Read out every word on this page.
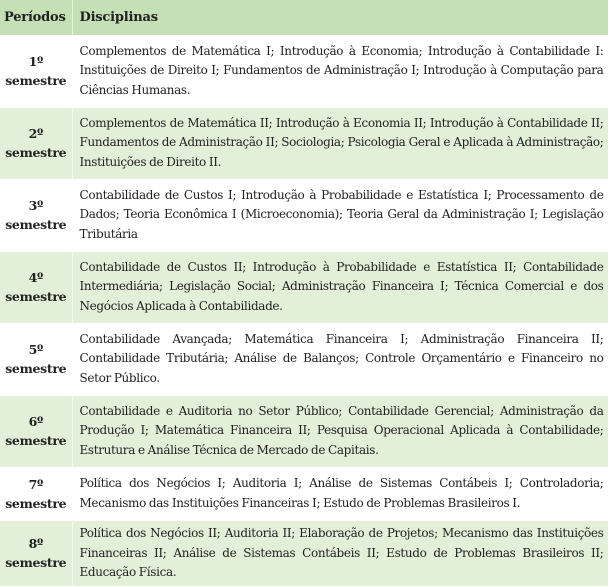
Períodos	Disciplinas

1º
semestre	Complementos de Matemática I; Introdução à Economia; Introdução à Contabilidade I: Instituições de Direito I; Fundamentos de Administração I; Introdução à Computação para Ciências Humanas.

2º
semestre	Complementos de Matemática II; Introdução à Economia II; Introdução à Contabilidade II; Fundamentos de Administração II; Sociologia; Psicologia Geral e Aplicada à Administração; Instituições de Direito II.

3º
semestre	Contabilidade de Custos I; Introdução à Probabilidade e Estatística I; Processamento de Dados; Teoria Econômica I (Microeconomia); Teoria Geral da Administração I; Legislação Tributária

4º
semestre	Contabilidade de Custos II; Introdução à Probabilidade e Estatística II; Contabilidade Intermediária; Legislação Social; Administração Financeira I; Técnica Comercial e dos Negócios Aplicada à Contabilidade.

5º
semestre	Contabilidade Avançada; Matemática Financeira I; Administração Financeira II; Contabilidade Tributária; Análise de Balanços; Controle Orçamentário e Financeiro no Setor Público.

6º
semestre	Contabilidade e Auditoria no Setor Público; Contabilidade Gerencial; Administração da Produção I; Matemática Financeira II; Pesquisa Operacional Aplicada à Contabilidade; Estrutura e Análise Técnica de Mercado de Capitais.

7º
semestre	Política dos Negócios I; Auditoria I; Análise de Sistemas Contábeis I; Controladoria; Mecanismo das Instituições Financeiras I; Estudo de Problemas Brasileiros I.

8º
semestre	Política dos Negócios II; Auditoria II; Elaboração de Projetos; Mecanismo das Instituições Financeiras II; Análise de Sistemas Contábeis II; Estudo de Problemas Brasileiros II; Educação Física.
